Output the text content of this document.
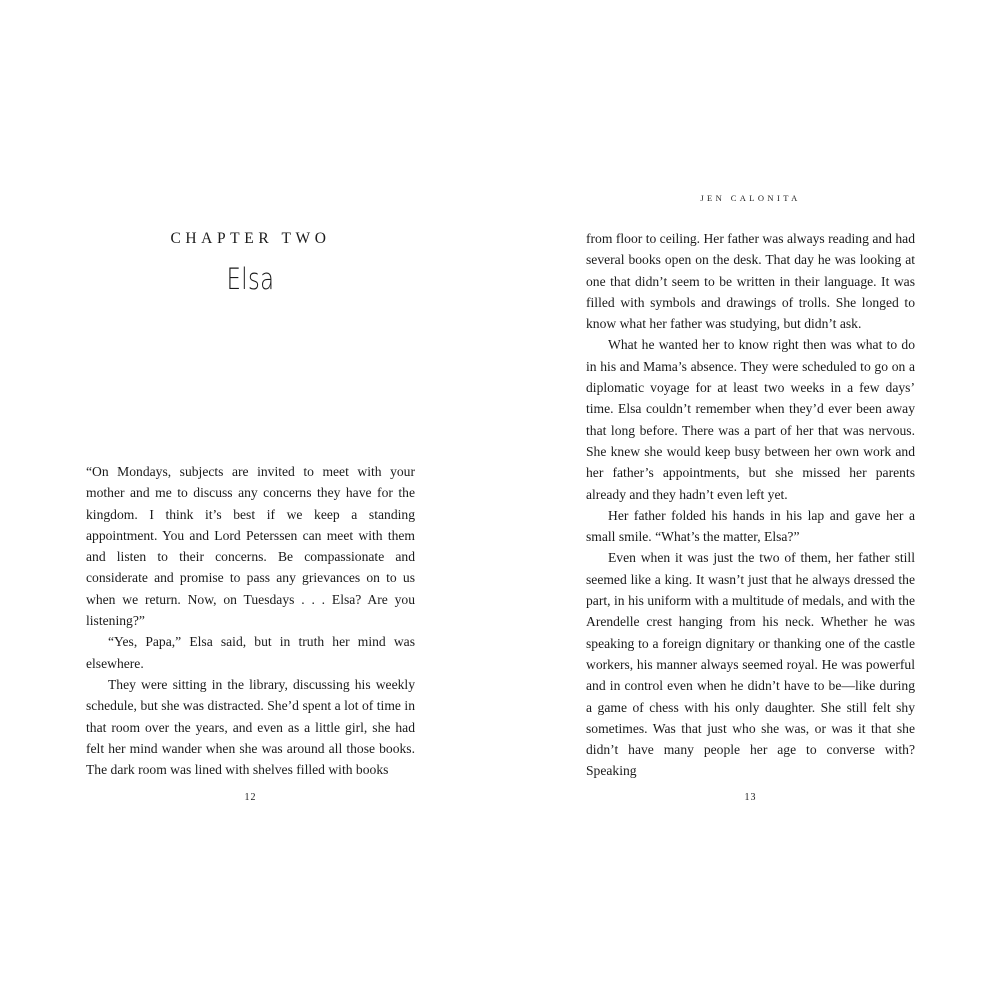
CHAPTER TWO
Elsa

“On Mondays, subjects are invited to meet with your mother and me to discuss any concerns they have for the kingdom. I think it’s best if we keep a standing appointment. You and Lord Peterssen can meet with them and listen to their concerns. Be compassionate and considerate and promise to pass any grievances on to us when we return. Now, on Tuesdays . . . Elsa? Are you listening?”

“Yes, Papa,” Elsa said, but in truth her mind was elsewhere.

They were sitting in the library, discussing his weekly schedule, but she was distracted. She’d spent a lot of time in that room over the years, and even as a little girl, she had felt her mind wander when she was around all those books. The dark room was lined with shelves filled with books

12
JEN CALONITA

from floor to ceiling. Her father was always reading and had several books open on the desk. That day he was looking at one that didn’t seem to be written in their language. It was filled with symbols and drawings of trolls. She longed to know what her father was studying, but didn’t ask.

What he wanted her to know right then was what to do in his and Mama’s absence. They were scheduled to go on a diplomatic voyage for at least two weeks in a few days’ time. Elsa couldn’t remember when they’d ever been away that long before. There was a part of her that was nervous. She knew she would keep busy between her own work and her father’s appointments, but she missed her parents already and they hadn’t even left yet.

Her father folded his hands in his lap and gave her a small smile. “What’s the matter, Elsa?”

Even when it was just the two of them, her father still seemed like a king. It wasn’t just that he always dressed the part, in his uniform with a multitude of medals, and with the Arendelle crest hanging from his neck. Whether he was speaking to a foreign dignitary or thanking one of the castle workers, his manner always seemed royal. He was powerful and in control even when he didn’t have to be—like during a game of chess with his only daughter. She still felt shy sometimes. Was that just who she was, or was it that she didn’t have many people her age to converse with? Speaking

13
